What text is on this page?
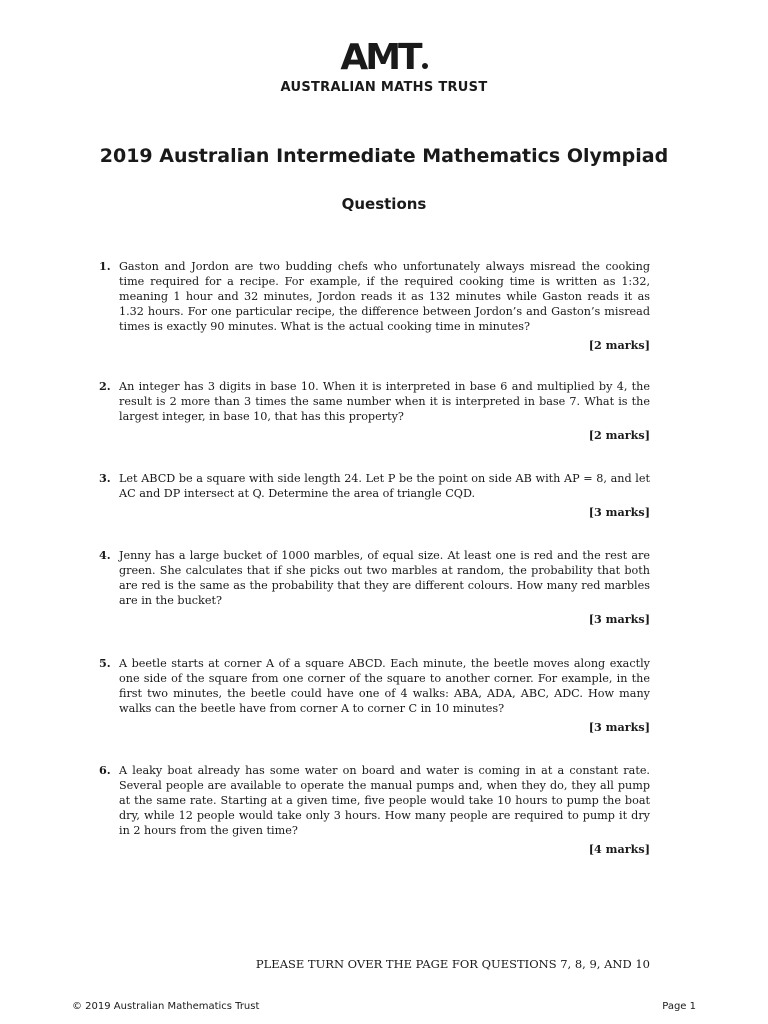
AMT
AUSTRALIAN MATHS TRUST
2019 Australian Intermediate Mathematics Olympiad
Questions
1. Gaston and Jordon are two budding chefs who unfortunately always misread the cooking time required for a recipe. For example, if the required cooking time is written as 1:32, meaning 1 hour and 32 minutes, Jordon reads it as 132 minutes while Gaston reads it as 1.32 hours. For one particular recipe, the difference between Jordon’s and Gaston’s misread times is exactly 90 minutes. What is the actual cooking time in minutes?
[2 marks]
2. An integer has 3 digits in base 10. When it is interpreted in base 6 and multiplied by 4, the result is 2 more than 3 times the same number when it is interpreted in base 7. What is the largest integer, in base 10, that has this property?
[2 marks]
3. Let ABCD be a square with side length 24. Let P be the point on side AB with AP = 8, and let AC and DP intersect at Q. Determine the area of triangle CQD.
[3 marks]
4. Jenny has a large bucket of 1000 marbles, of equal size. At least one is red and the rest are green. She calculates that if she picks out two marbles at random, the probability that both are red is the same as the probability that they are different colours. How many red marbles are in the bucket?
[3 marks]
5. A beetle starts at corner A of a square ABCD. Each minute, the beetle moves along exactly one side of the square from one corner of the square to another corner. For example, in the first two minutes, the beetle could have one of 4 walks: ABA, ADA, ABC, ADC. How many walks can the beetle have from corner A to corner C in 10 minutes?
[3 marks]
6. A leaky boat already has some water on board and water is coming in at a constant rate. Several people are available to operate the manual pumps and, when they do, they all pump at the same rate. Starting at a given time, five people would take 10 hours to pump the boat dry, while 12 people would take only 3 hours. How many people are required to pump it dry in 2 hours from the given time?
[4 marks]
PLEASE TURN OVER THE PAGE FOR QUESTIONS 7, 8, 9, AND 10
© 2019 Australian Mathematics Trust	Page 1
